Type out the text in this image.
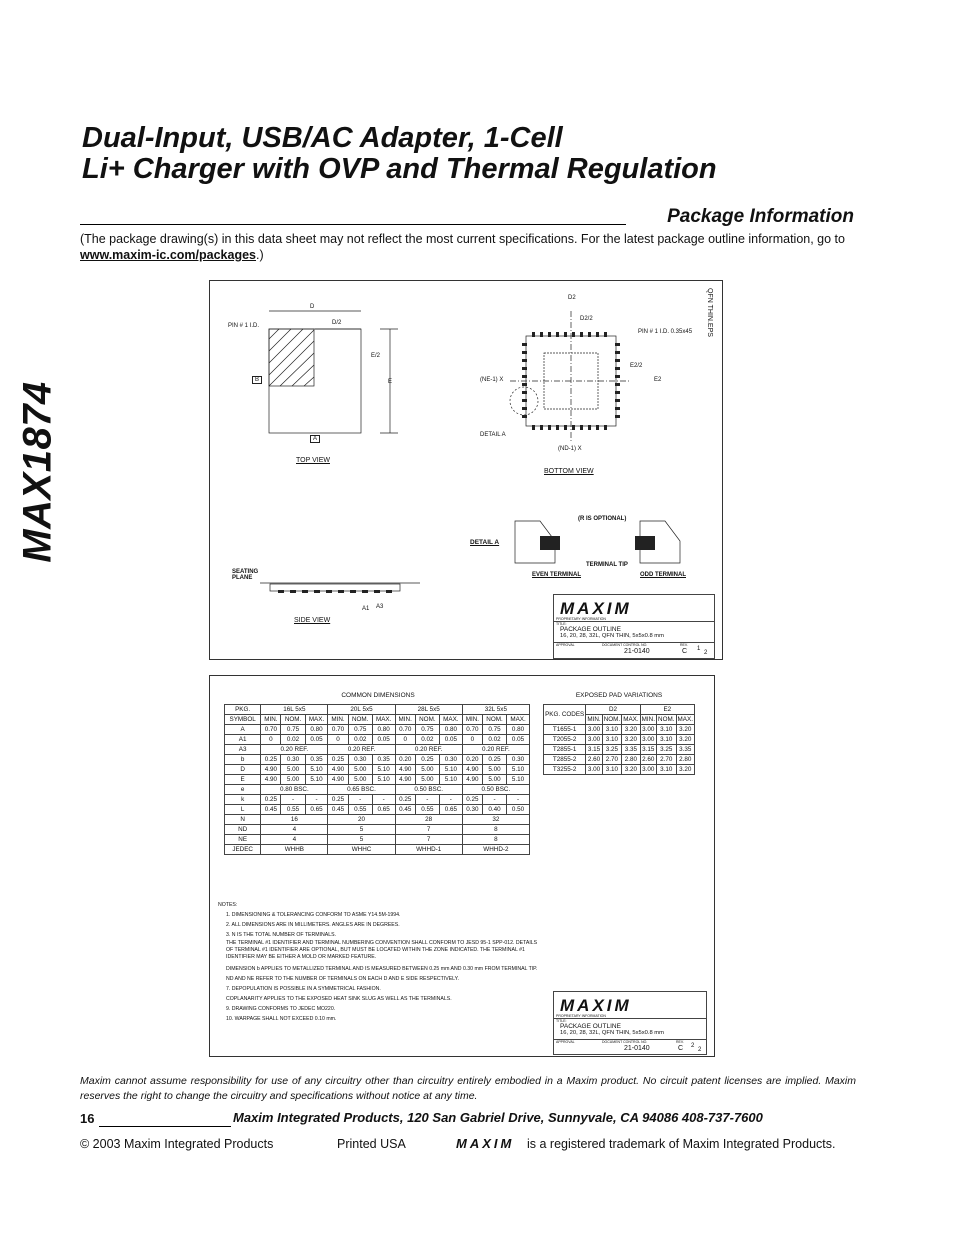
MAX1874
Dual-Input, USB/AC Adapter, 1-Cell
Li+ Charger with OVP and Thermal Regulation
Package Information
(The package drawing(s) in this data sheet may not reflect the most current specifications. For the latest package outline information, go to www.maxim-ic.com/packages.)
PIN # 1 I.D.
D
D/2
E/2
E
B
A
TOP VIEW
D2
D2/2
PIN # 1 I.D. 0.35x45
E2/2
E2
(NE-1) X
(ND-1) X
DETAIL A
BOTTOM VIEW
QFN THIN.EPS
DETAIL A
(R IS OPTIONAL)
EVEN TERMINAL
TERMINAL TIP
ODD TERMINAL
SEATING PLANE
A1 A3
SIDE VIEW
MAXIM
PROPRIETARY INFORMATION
TITLE:
PACKAGE OUTLINE
16, 20, 28, 32L, QFN THIN, 5x5x0.8 mm
APPROVAL	DOCUMENT CONTROL NO.
21-0140
REV.
C 1
2
COMMON DIMENSIONS
PKG.	16L 5x5			20L 5x5			28L 5x5			32L 5x5		
SYMBOL	MIN.	NOM.	MAX.	MIN.	NOM.	MAX.	MIN.	NOM.	MAX.	MIN.	NOM.	MAX.
A	0.70	0.75	0.80	0.70	0.75	0.80	0.70	0.75	0.80	0.70	0.75	0.80
A1	0	0.02	0.05	0	0.02	0.05	0	0.02	0.05	0	0.02	0.05
A3	0.20 REF.			0.20 REF.			0.20 REF.			0.20 REF.		
b	0.25	0.30	0.35	0.25	0.30	0.35	0.20	0.25	0.30	0.20	0.25	0.30
D	4.90	5.00	5.10	4.90	5.00	5.10	4.90	5.00	5.10	4.90	5.00	5.10
E	4.90	5.00	5.10	4.90	5.00	5.10	4.90	5.00	5.10	4.90	5.00	5.10
e	0.80 BSC.			0.65 BSC.			0.50 BSC.			0.50 BSC.		
k	0.25	-	-	0.25	-	-	0.25	-	-	0.25	-	-
L	0.45	0.55	0.65	0.45	0.55	0.65	0.45	0.55	0.65	0.30	0.40	0.50
N	16			20			28			32		
ND	4			5			7			8		
NE	4			5			7			8		
JEDEC	WHHB			WHHC			WHHD-1			WHHD-2		
EXPOSED PAD VARIATIONS
PKG. CODES	D2			E2		
	MIN.	NOM.	MAX.	MIN.	NOM.	MAX.
T1655-1	3.00	3.10	3.20	3.00	3.10	3.20
T2055-2	3.00	3.10	3.20	3.00	3.10	3.20
T2855-1	3.15	3.25	3.35	3.15	3.25	3.35
T2855-2	2.60	2.70	2.80	2.60	2.70	2.80
T3255-2	3.00	3.10	3.20	3.00	3.10	3.20
NOTES:
1. DIMENSIONING & TOLERANCING CONFORM TO ASME Y14.5M-1994.
2. ALL DIMENSIONS ARE IN MILLIMETERS. ANGLES ARE IN DEGREES.
3. N IS THE TOTAL NUMBER OF TERMINALS.
THE TERMINAL #1 IDENTIFIER AND TERMINAL NUMBERING CONVENTION SHALL CONFORM TO JESD 95-1 SPP-012. DETAILS OF TERMINAL #1 IDENTIFIER ARE OPTIONAL, BUT MUST BE LOCATED WITHIN THE ZONE INDICATED. THE TERMINAL #1 IDENTIFIER MAY BE EITHER A MOLD OR MARKED FEATURE.
DIMENSION b APPLIES TO METALLIZED TERMINAL AND IS MEASURED BETWEEN 0.25 mm AND 0.30 mm FROM TERMINAL TIP.
ND AND NE REFER TO THE NUMBER OF TERMINALS ON EACH D AND E SIDE RESPECTIVELY.
7. DEPOPULATION IS POSSIBLE IN A SYMMETRICAL FASHION.
COPLANARITY APPLIES TO THE EXPOSED HEAT SINK SLUG AS WELL AS THE TERMINALS.
9. DRAWING CONFORMS TO JEDEC MO220.
10. WARPAGE SHALL NOT EXCEED 0.10 mm.
MAXIM
PROPRIETARY INFORMATION
TITLE:
PACKAGE OUTLINE
16, 20, 28, 32L, QFN THIN, 5x5x0.8 mm
APPROVAL	DOCUMENT CONTROL NO.
21-0140
REV.
C 2
2
Maxim cannot assume responsibility for use of any circuitry other than circuitry entirely embodied in a Maxim product. No circuit patent licenses are implied. Maxim reserves the right to change the circuitry and specifications without notice at any time.
16	Maxim Integrated Products, 120 San Gabriel Drive, Sunnyvale, CA 94086 408-737-7600
© 2003 Maxim Integrated Products	Printed USA	MAXIM is a registered trademark of Maxim Integrated Products.
